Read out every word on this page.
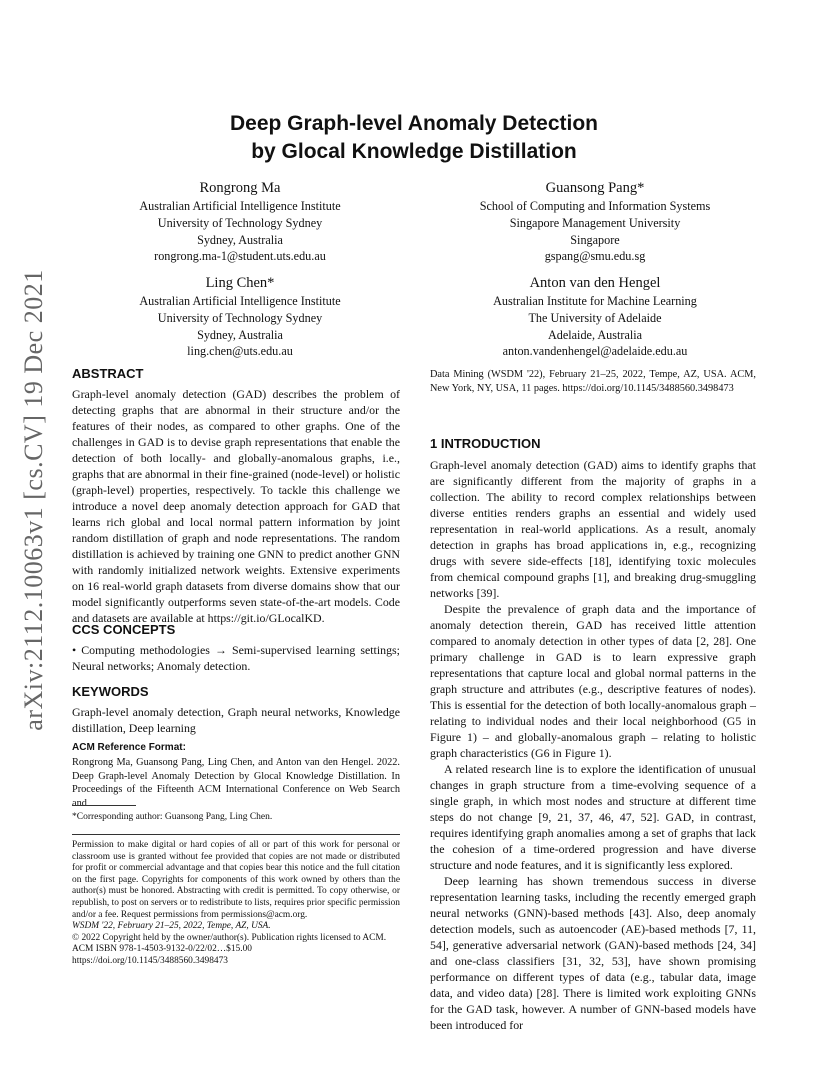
arXiv:2112.10063v1 [cs.CV] 19 Dec 2021
Deep Graph-level Anomaly Detection
by Glocal Knowledge Distillation
Rongrong Ma
Australian Artificial Intelligence Institute
University of Technology Sydney
Sydney, Australia
rongrong.ma-1@student.uts.edu.au
Guansong Pang*
School of Computing and Information Systems
Singapore Management University
Singapore
gspang@smu.edu.sg
Ling Chen*
Australian Artificial Intelligence Institute
University of Technology Sydney
Sydney, Australia
ling.chen@uts.edu.au
Anton van den Hengel
Australian Institute for Machine Learning
The University of Adelaide
Adelaide, Australia
anton.vandenhengel@adelaide.edu.au
ABSTRACT

Graph-level anomaly detection (GAD) describes the problem of detecting graphs that are abnormal in their structure and/or the features of their nodes, as compared to other graphs. One of the challenges in GAD is to devise graph representations that enable the detection of both locally- and globally-anomalous graphs, i.e., graphs that are abnormal in their fine-grained (node-level) or holistic (graph-level) properties, respectively. To tackle this challenge we introduce a novel deep anomaly detection approach for GAD that learns rich global and local normal pattern information by joint random distillation of graph and node representations. The random distillation is achieved by training one GNN to predict another GNN with randomly initialized network weights. Extensive experiments on 16 real-world graph datasets from diverse domains show that our model significantly outperforms seven state-of-the-art models. Code and datasets are available at https://git.io/GLocalKD.

CCS CONCEPTS

• Computing methodologies → Semi-supervised learning settings; Neural networks; Anomaly detection.

KEYWORDS

Graph-level anomaly detection, Graph neural networks, Knowledge distillation, Deep learning

ACM Reference Format:

Rongrong Ma, Guansong Pang, Ling Chen, and Anton van den Hengel. 2022. Deep Graph-level Anomaly Detection by Glocal Knowledge Distillation. In Proceedings of the Fifteenth ACM International Conference on Web Search and

*Corresponding author: Guansong Pang, Ling Chen.

Permission to make digital or hard copies of all or part of this work for personal or classroom use is granted without fee provided that copies are not made or distributed for profit or commercial advantage and that copies bear this notice and the full citation on the first page. Copyrights for components of this work owned by others than the author(s) must be honored. Abstracting with credit is permitted. To copy otherwise, or republish, to post on servers or to redistribute to lists, requires prior specific permission and/or a fee. Request permissions from permissions@acm.org.

WSDM '22, February 21–25, 2022, Tempe, AZ, USA.

© 2022 Copyright held by the owner/author(s). Publication rights licensed to ACM.

ACM ISBN 978-1-4503-9132-0/22/02…$15.00

https://doi.org/10.1145/3488560.3498473

Data Mining (WSDM '22), February 21–25, 2022, Tempe, AZ, USA. ACM, New York, NY, USA, 11 pages. https://doi.org/10.1145/3488560.3498473

1 INTRODUCTION

Graph-level anomaly detection (GAD) aims to identify graphs that are significantly different from the majority of graphs in a collection. The ability to record complex relationships between diverse entities renders graphs an essential and widely used representation in real-world applications. As a result, anomaly detection in graphs has broad applications in, e.g., recognizing drugs with severe side-effects [18], identifying toxic molecules from chemical compound graphs [1], and breaking drug-smuggling networks [39].

Despite the prevalence of graph data and the importance of anomaly detection therein, GAD has received little attention compared to anomaly detection in other types of data [2, 28]. One primary challenge in GAD is to learn expressive graph representations that capture local and global normal patterns in the graph structure and attributes (e.g., descriptive features of nodes). This is essential for the detection of both locally-anomalous graph – relating to individual nodes and their local neighborhood (G5 in Figure 1) – and globally-anomalous graph – relating to holistic graph characteristics (G6 in Figure 1).

A related research line is to explore the identification of unusual changes in graph structure from a time-evolving sequence of a single graph, in which most nodes and structure at different time steps do not change [9, 21, 37, 46, 47, 52]. GAD, in contrast, requires identifying graph anomalies among a set of graphs that lack the cohesion of a time-ordered progression and have diverse structure and node features, and it is significantly less explored.

Deep learning has shown tremendous success in diverse representation learning tasks, including the recently emerged graph neural networks (GNN)-based methods [43]. Also, deep anomaly detection models, such as autoencoder (AE)-based methods [7, 11, 54], generative adversarial network (GAN)-based methods [24, 34] and one-class classifiers [31, 32, 53], have shown promising performance on different types of data (e.g., tabular data, image data, and video data) [28]. There is limited work exploiting GNNs for the GAD task, however. A number of GNN-based models have been introduced for
